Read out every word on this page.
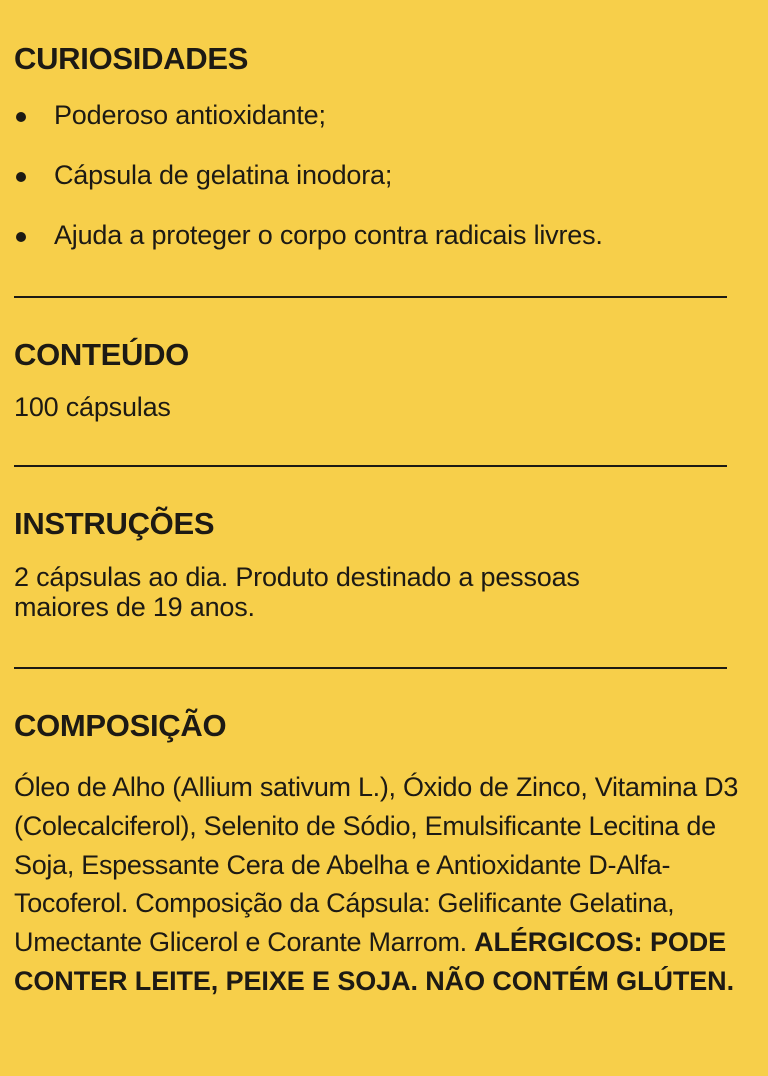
CURIOSIDADES
Poderoso antioxidante;
Cápsula de gelatina inodora;
Ajuda a proteger o corpo contra radicais livres.
CONTEÚDO

100 cápsulas

INSTRUÇÕES

2 cápsulas ao dia. Produto destinado a pessoas

maiores de 19 anos.

COMPOSIÇÃO

Óleo de Alho (Allium sativum L.), Óxido de Zinco, Vitamina D3 (Colecalciferol), Selenito de Sódio, Emulsificante Lecitina de Soja, Espessante Cera de Abelha e Antioxidante D-Alfa-Tocoferol. Composição da Cápsula: Gelificante Gelatina, Umectante Glicerol e Corante Marrom. ALÉRGICOS: PODE CONTER LEITE, PEIXE E SOJA. NÃO CONTÉM GLÚTEN.
